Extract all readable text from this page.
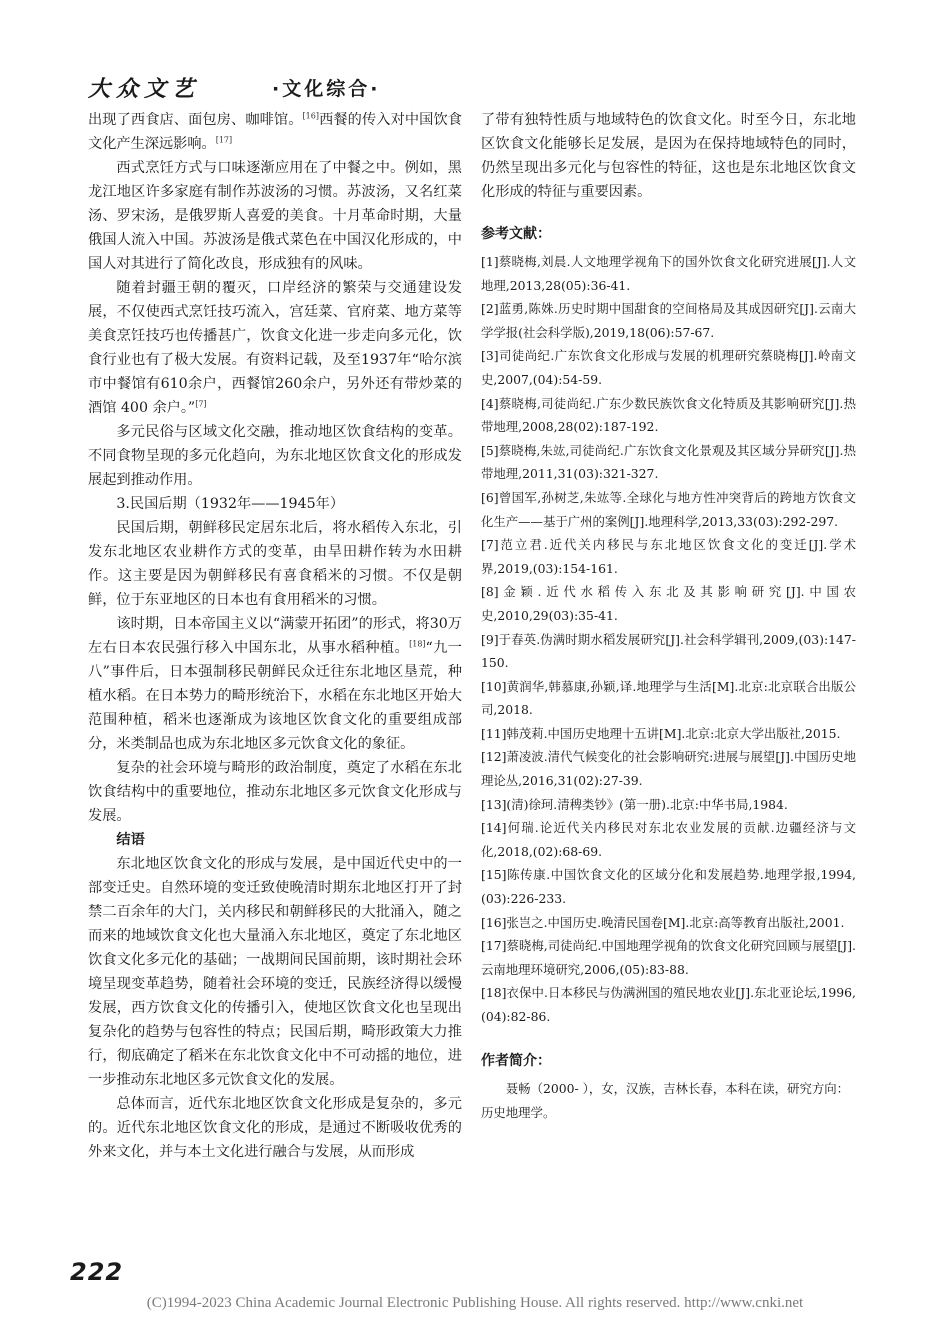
大众文艺	·文化综合·

出现了西食店、面包房、咖啡馆。[16]西餐的传入对中国饮食文化产生深远影响。[17]

西式烹饪方式与口味逐渐应用在了中餐之中。例如，黑龙江地区许多家庭有制作苏波汤的习惯。苏波汤，又名红菜汤、罗宋汤，是俄罗斯人喜爱的美食。十月革命时期，大量俄国人流入中国。苏波汤是俄式菜色在中国汉化形成的，中国人对其进行了简化改良，形成独有的风味。

随着封疆王朝的覆灭，口岸经济的繁荣与交通建设发展，不仅使西式烹饪技巧流入，宫廷菜、官府菜、地方菜等美食烹饪技巧也传播甚广，饮食文化进一步走向多元化，饮食行业也有了极大发展。有资料记载，及至1937年“哈尔滨市中餐馆有610余户，西餐馆260余户，另外还有带炒菜的酒馆 400 余户。”[7]

多元民俗与区域文化交融，推动地区饮食结构的变革。不同食物呈现的多元化趋向，为东北地区饮食文化的形成发展起到推动作用。

3.民国后期（1932年——1945年）

民国后期，朝鲜移民定居东北后，将水稻传入东北，引发东北地区农业耕作方式的变革，由旱田耕作转为水田耕作。这主要是因为朝鲜移民有喜食稻米的习惯。不仅是朝鲜，位于东亚地区的日本也有食用稻米的习惯。

该时期，日本帝国主义以“满蒙开拓团”的形式，将30万左右日本农民强行移入中国东北，从事水稻种植。[18]“九一八”事件后，日本强制移民朝鲜民众迁往东北地区垦荒，种植水稻。在日本势力的畸形统治下，水稻在东北地区开始大范围种植，稻米也逐渐成为该地区饮食文化的重要组成部分，米类制品也成为东北地区多元饮食文化的象征。

复杂的社会环境与畸形的政治制度，奠定了水稻在东北饮食结构中的重要地位，推动东北地区多元饮食文化形成与发展。

结语

东北地区饮食文化的形成与发展，是中国近代史中的一部变迁史。自然环境的变迁致使晚清时期东北地区打开了封禁二百余年的大门，关内移民和朝鲜移民的大批涌入，随之而来的地域饮食文化也大量涌入东北地区，奠定了东北地区饮食文化多元化的基础；一战期间民国前期，该时期社会环境呈现变革趋势，随着社会环境的变迁，民族经济得以缓慢发展，西方饮食文化的传播引入，使地区饮食文化也呈现出复杂化的趋势与包容性的特点；民国后期，畸形政策大力推行，彻底确定了稻米在东北饮食文化中不可动摇的地位，进一步推动东北地区多元饮食文化的发展。

总体而言，近代东北地区饮食文化形成是复杂的，多元的。近代东北地区饮食文化的形成，是通过不断吸收优秀的外来文化，并与本土文化进行融合与发展，从而形成

了带有独特性质与地域特色的饮食文化。时至今日，东北地区饮食文化能够长足发展，是因为在保持地域特色的同时，仍然呈现出多元化与包容性的特征，这也是东北地区饮食文化形成的特征与重要因素。

参考文献：

[1]蔡晓梅,刘晨.人文地理学视角下的国外饮食文化研究进展[J].人文地理,2013,28(05):36-41.

[2]蓝勇,陈姝.历史时期中国甜食的空间格局及其成因研究[J].云南大学学报(社会科学版),2019,18(06):57-67.

[3]司徒尚纪.广东饮食文化形成与发展的机理研究蔡晓梅[J].岭南文史,2007,(04):54-59.

[4]蔡晓梅,司徒尚纪.广东少数民族饮食文化特质及其影响研究[J].热带地理,2008,28(02):187-192.

[5]蔡晓梅,朱竑,司徒尚纪.广东饮食文化景观及其区域分异研究[J].热带地理,2011,31(03):321-327.

[6]曾国军,孙树芝,朱竑等.全球化与地方性冲突背后的跨地方饮食文化生产——基于广州的案例[J].地理科学,2013,33(03):292-297.

[7]范立君.近代关内移民与东北地区饮食文化的变迁[J].学术界,2019,(03):154-161.

[8]金颖.近代水稻传入东北及其影响研究[J].中国农史,2010,29(03):35-41.

[9]于春英.伪满时期水稻发展研究[J].社会科学辑刊,2009,(03):147-150.

[10]黄润华,韩慕康,孙颖,译.地理学与生活[M].北京:北京联合出版公司,2018.

[11]韩茂莉.中国历史地理十五讲[M].北京:北京大学出版社,2015.

[12]萧凌波.清代气候变化的社会影响研究:进展与展望[J].中国历史地理论丛,2016,31(02):27-39.

[13](清)徐珂.清稗类钞》(第一册).北京:中华书局,1984.

[14]何瑞.论近代关内移民对东北农业发展的贡献.边疆经济与文化,2018,(02):68-69.

[15]陈传康.中国饮食文化的区域分化和发展趋势.地理学报,1994,(03):226-233.

[16]张岂之.中国历史.晚清民国卷[M].北京:高等教育出版社,2001.

[17]蔡晓梅,司徒尚纪.中国地理学视角的饮食文化研究回顾与展望[J].云南地理环境研究,2006,(05):83-88.

[18]衣保中.日本移民与伪满洲国的殖民地农业[J].东北亚论坛,1996,(04):82-86.

作者简介：

聂畅（2000- ），女，汉族，吉林长春，本科在读，研究方向：历史地理学。

222
(C)1994-2023 China Academic Journal Electronic Publishing House. All rights reserved. http://www.cnki.net
